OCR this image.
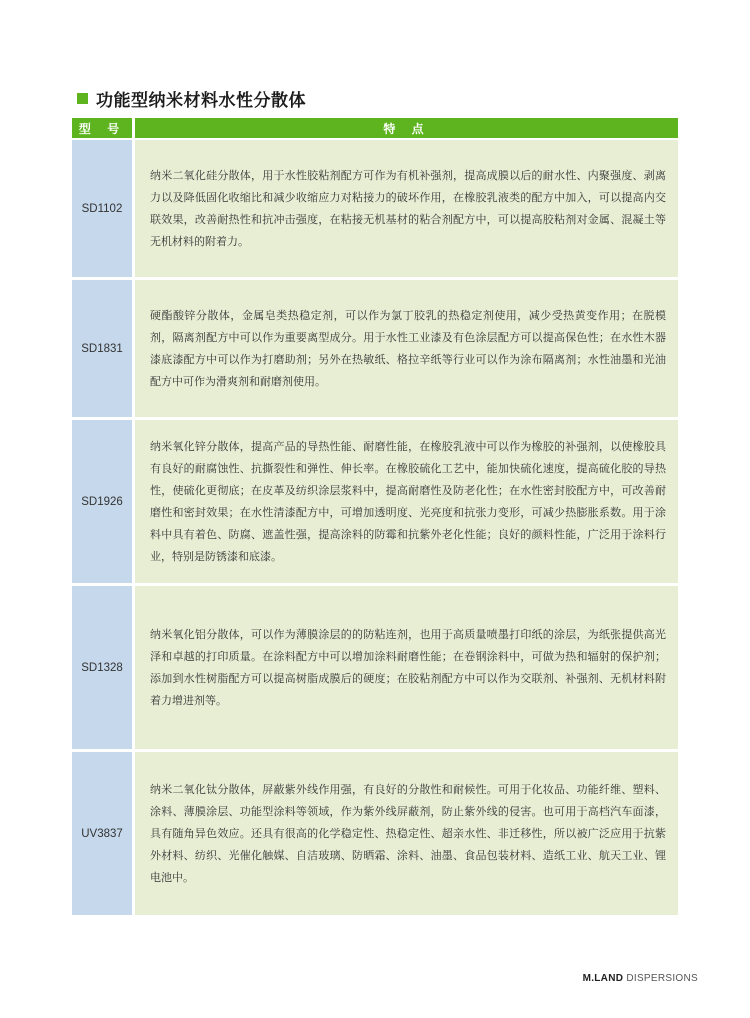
功能型纳米材料水性分散体
型 号	特 点
SD1102

纳米二氧化硅分散体，用于水性胶粘剂配方可作为有机补强剂，提高成膜以后的耐水性、内聚强度、剥离力以及降低固化收缩比和减少收缩应力对粘接力的破坏作用，在橡胶乳液类的配方中加入，可以提高内交联效果，改善耐热性和抗冲击强度，在粘接无机基材的粘合剂配方中，可以提高胶粘剂对金属、混凝土等无机材料的附着力。

SD1831

硬酯酸锌分散体，金属皂类热稳定剂，可以作为氯丁胶乳的热稳定剂使用，减少受热黄变作用；在脱模剂，隔离剂配方中可以作为重要离型成分。用于水性工业漆及有色涂层配方可以提高保色性；在水性木器漆底漆配方中可以作为打磨助剂；另外在热敏纸、格拉辛纸等行业可以作为涂布隔离剂；水性油墨和光油配方中可作为滑爽剂和耐磨剂使用。

SD1926

纳米氧化锌分散体，提高产品的导热性能、耐磨性能，在橡胶乳液中可以作为橡胶的补强剂，以使橡胶具有良好的耐腐蚀性、抗撕裂性和弹性、伸长率。在橡胶硫化工艺中，能加快硫化速度，提高硫化胶的导热性，使硫化更彻底；在皮革及纺织涂层浆料中，提高耐磨性及防老化性；在水性密封胶配方中，可改善耐磨性和密封效果；在水性清漆配方中，可增加透明度、光亮度和抗张力变形，可减少热膨胀系数。用于涂料中具有着色、防腐、遮盖性强，提高涂料的防霉和抗紫外老化性能；良好的颜料性能，广泛用于涂料行业，特别是防锈漆和底漆。

SD1328

纳米氧化铝分散体，可以作为薄膜涂层的的防粘连剂，也用于高质量喷墨打印纸的涂层，为纸张提供高光泽和卓越的打印质量。在涂料配方中可以增加涂料耐磨性能；在卷钢涂料中，可做为热和辐射的保护剂；添加到水性树脂配方可以提高树脂成膜后的硬度；在胶粘剂配方中可以作为交联剂、补强剂、无机材料附着力增进剂等。

UV3837

纳米二氧化钛分散体，屏蔽紫外线作用强，有良好的分散性和耐候性。可用于化妆品、功能纤维、塑料、涂料、薄膜涂层、功能型涂料等领域，作为紫外线屏蔽剂，防止紫外线的侵害。也可用于高档汽车面漆，具有随角异色效应。还具有很高的化学稳定性、热稳定性、超亲水性、非迁移性，所以被广泛应用于抗紫外材料、纺织、光催化触媒、自洁玻璃、防晒霜、涂料、油墨、食品包装材料、造纸工业、航天工业、锂电池中。

M.LAND DISPERSIONS
